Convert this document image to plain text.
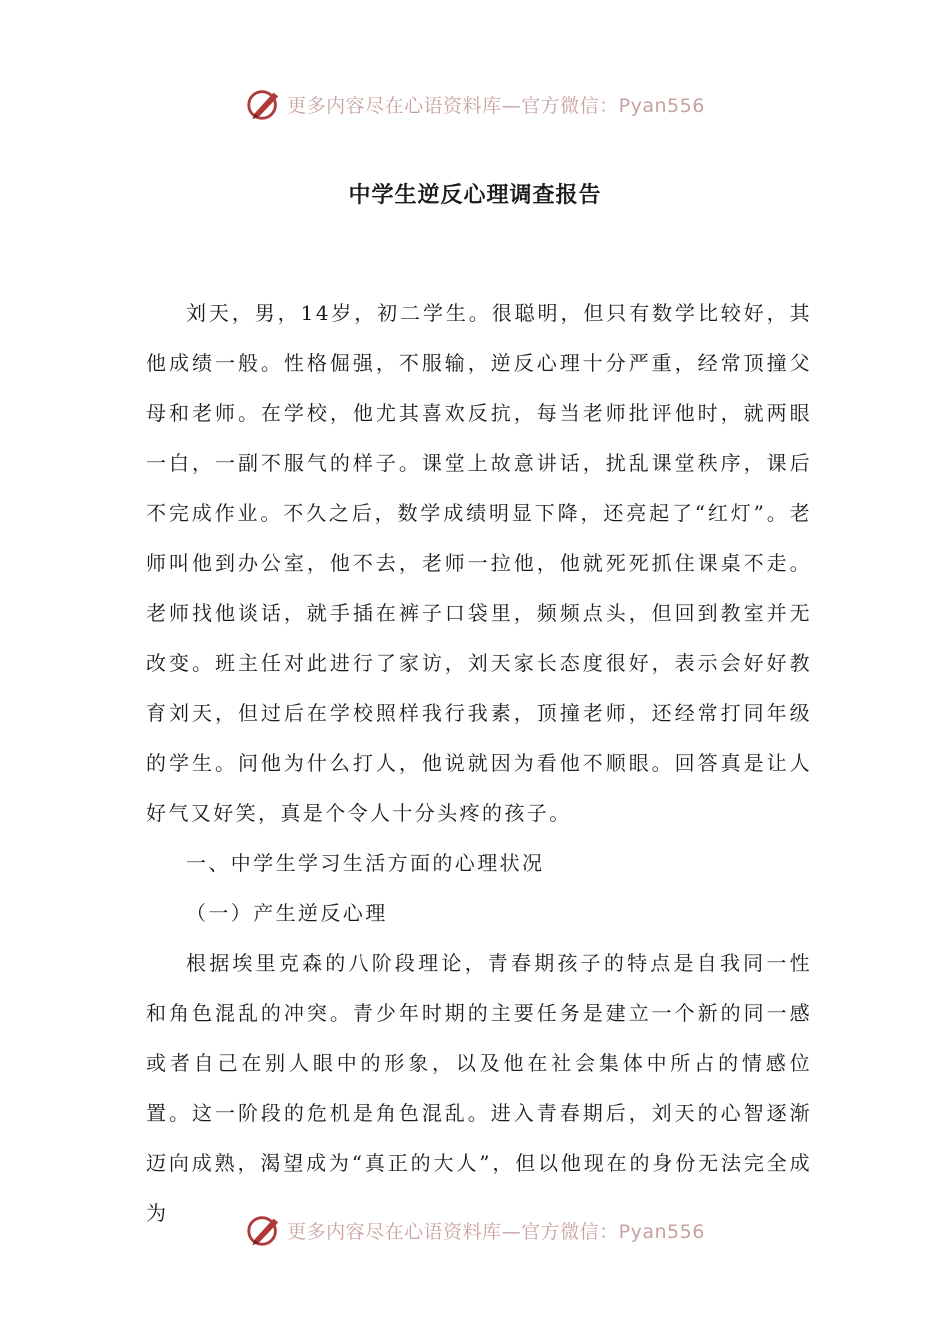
更多内容尽在心语资料库—官方微信：Pyan556
中学生逆反心理调查报告

刘天，男，14岁，初二学生。很聪明，但只有数学比较好，其他成绩一般。性格倔强，不服输，逆反心理十分严重，经常顶撞父母和老师。在学校，他尤其喜欢反抗，每当老师批评他时，就两眼一白，一副不服气的样子。课堂上故意讲话，扰乱课堂秩序，课后不完成作业。不久之后，数学成绩明显下降，还亮起了“红灯”。老师叫他到办公室，他不去，老师一拉他，他就死死抓住课桌不走。老师找他谈话，就手插在裤子口袋里，频频点头，但回到教室并无改变。班主任对此进行了家访，刘天家长态度很好，表示会好好教育刘天，但过后在学校照样我行我素，顶撞老师，还经常打同年级的学生。问他为什么打人，他说就因为看他不顺眼。回答真是让人好气又好笑，真是个令人十分头疼的孩子。

一、中学生学习生活方面的心理状况

（一）产生逆反心理

根据埃里克森的八阶段理论，青春期孩子的特点是自我同一性和角色混乱的冲突。青少年时期的主要任务是建立一个新的同一感或者自己在别人眼中的形象，以及他在社会集体中所占的情感位置。这一阶段的危机是角色混乱。进入青春期后，刘天的心智逐渐迈向成熟，渴望成为“真正的大人”，但以他现在的身份无法完全成为

更多内容尽在心语资料库—官方微信：Pyan556
